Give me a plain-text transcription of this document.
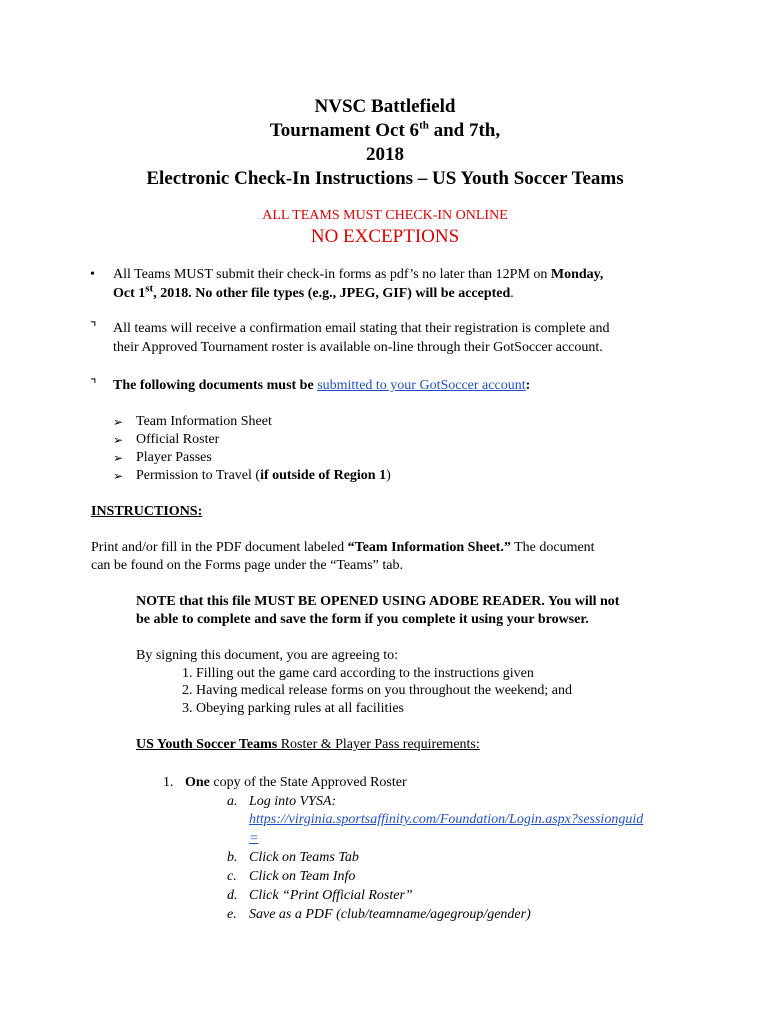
NVSC Battlefield
Tournament Oct 6th and 7th,
2018
Electronic Check-In Instructions – US Youth Soccer Teams
ALL TEAMS MUST CHECK-IN ONLINE
NO EXCEPTIONS
• All Teams MUST submit their check-in forms as pdf’s no later than 12PM on Monday,
Oct 1st, 2018. No other file types (e.g., JPEG, GIF) will be accepted.
⌝ All teams will receive a confirmation email stating that their registration is complete and
their Approved Tournament roster is available on-line through their GotSoccer account.
⌝ The following documents must be submitted to your GotSoccer account:
➢ Team Information Sheet
➢ Official Roster
➢ Player Passes
➢ Permission to Travel (if outside of Region 1)
INSTRUCTIONS:
Print and/or fill in the PDF document labeled “Team Information Sheet.” The document
can be found on the Forms page under the “Teams” tab.
NOTE that this file MUST BE OPENED USING ADOBE READER. You will not
be able to complete and save the form if you complete it using your browser.
By signing this document, you are agreeing to:
1. Filling out the game card according to the instructions given
2. Having medical release forms on you throughout the weekend; and
3. Obeying parking rules at all facilities
US Youth Soccer Teams Roster & Player Pass requirements:
1. One copy of the State Approved Roster
a. Log into VYSA:
https://virginia.sportsaffinity.com/Foundation/Login.aspx?sessionguid
=
b. Click on Teams Tab
c. Click on Team Info
d. Click “Print Official Roster”
e. Save as a PDF (club/teamname/agegroup/gender)
